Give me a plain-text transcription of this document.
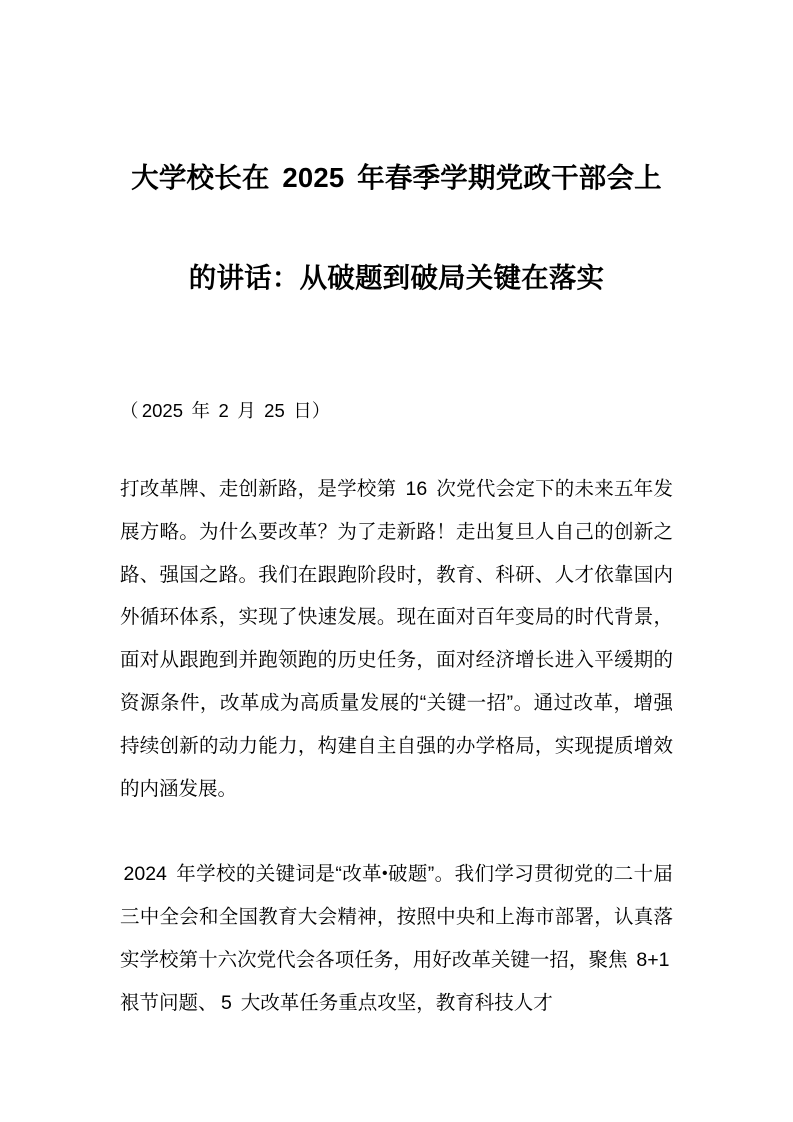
大学校长在 2025 年春季学期党政干部会上
的讲话：从破题到破局关键在落实

（ 2025 年 2 月 25 日）

打改革牌、走创新路，是学校第 16 次党代会定下的未来五年发展方略。为什么要改革？为了走新路！走出复旦人自己的创新之路、强国之路。我们在跟跑阶段时，教育、科研、人才依靠国内外循环体系，实现了快速发展。现在面对百年变局的时代背景，面对从跟跑到并跑领跑的历史任务，面对经济增长进入平缓期的资源条件，改革成为高质量发展的“关键一招”。通过改革，增强持续创新的动力能力，构建自主自强的办学格局，实现提质增效的内涵发展。

2024 年学校的关键词是“改革•破题”。我们学习贯彻党的二十届三中全会和全国教育大会精神，按照中央和上海市部署，认真落实学校第十六次党代会各项任务，用好改革关键一招，聚焦 8+1 裉节问题、 5 大改革任务重点攻坚，教育科技人才
